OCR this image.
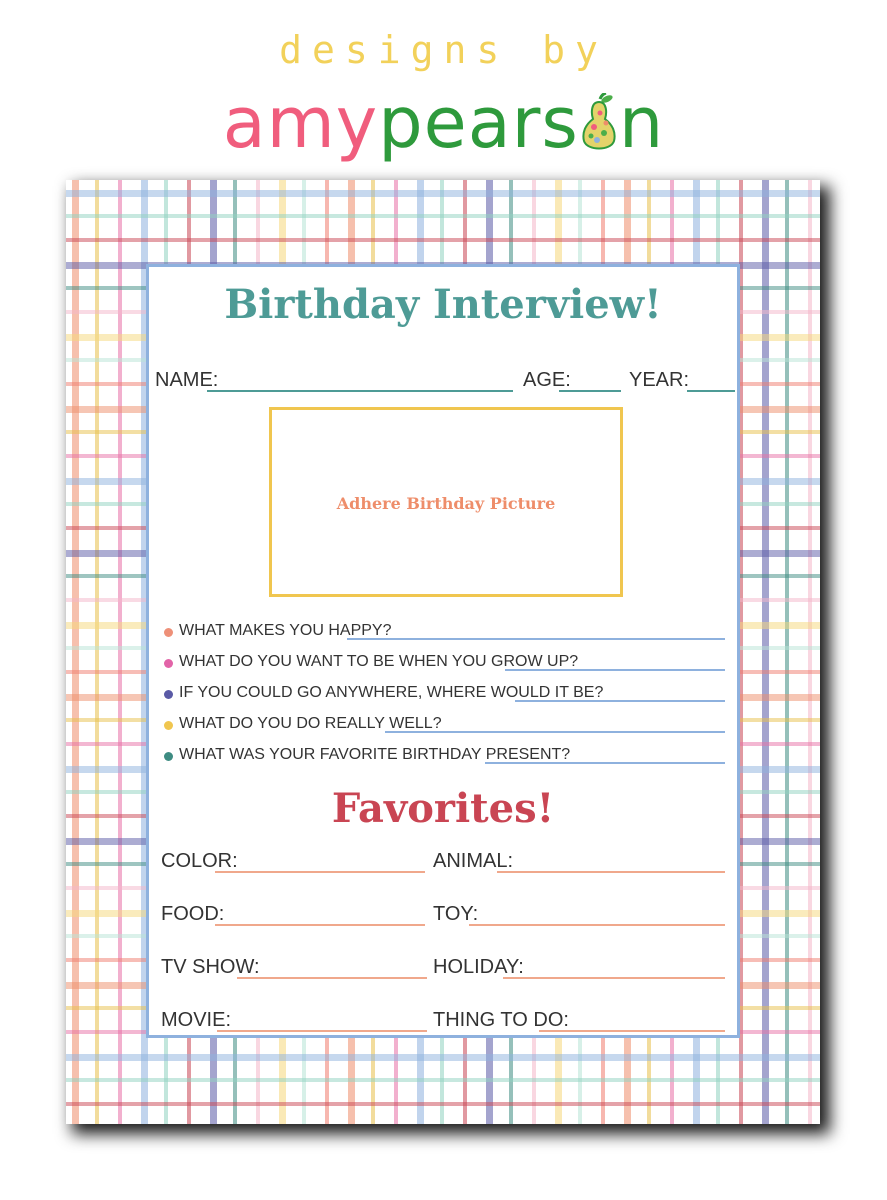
designs by
amypears n
Birthday Interview!
NAME:	AGE:	YEAR:
Adhere Birthday Picture
WHAT MAKES YOU HAPPY?
WHAT DO YOU WANT TO BE WHEN YOU GROW UP?
IF YOU COULD GO ANYWHERE, WHERE WOULD IT BE?
WHAT DO YOU DO REALLY WELL?
WHAT WAS YOUR FAVORITE BIRTHDAY PRESENT?
Favorites!
COLOR:	ANIMAL:
FOOD:	TOY:
TV SHOW:	HOLIDAY:
MOVIE:	THING TO DO:
